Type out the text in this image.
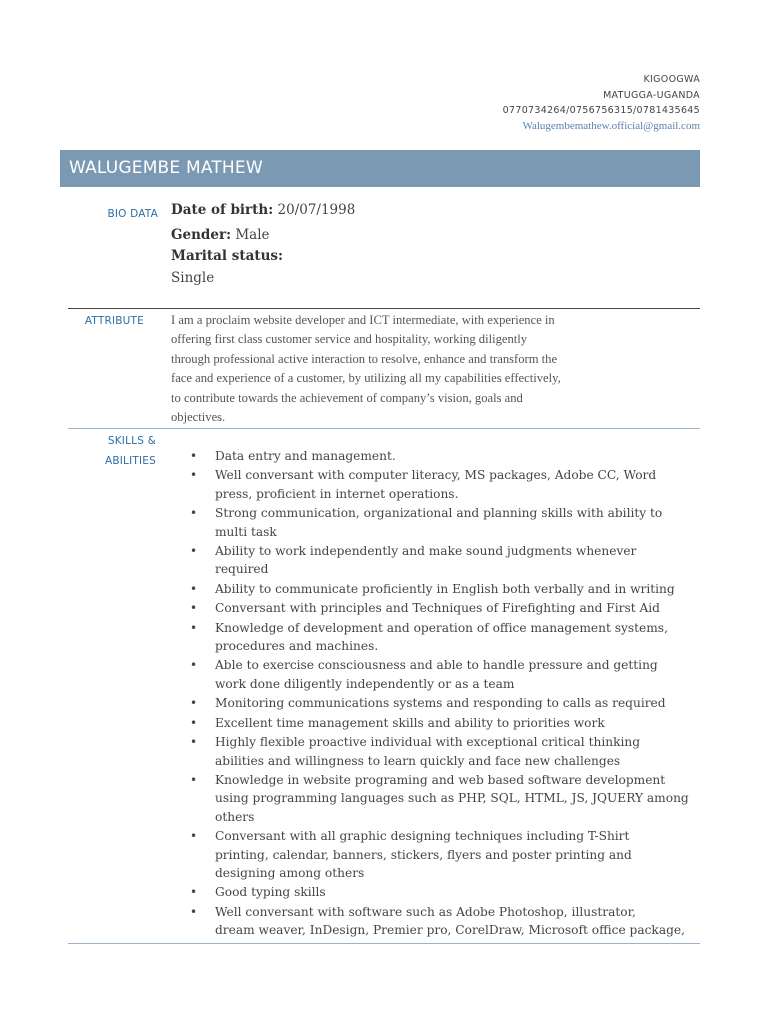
KIGOOGWA
MATUGGA-UGANDA
0770734264/0756756315/0781435645
Walugembemathew.official@gmail.com
WALUGEMBE MATHEW
BIO DATA Date of birth: 20/07/1998
Gender: Male
Marital status:
Single
ATTRIBUTE I am a proclaim website developer and ICT intermediate, with experience in
offering first class customer service and hospitality, working diligently
through professional active interaction to resolve, enhance and transform the
face and experience of a customer, by utilizing all my capabilities effectively,
to contribute towards the achievement of company’s vision, goals and
objectives.
SKILLS &
ABILITIES	• Data entry and management.
• Well conversant with computer literacy, MS packages, Adobe CC, Word
press, proficient in internet operations.
• Strong communication, organizational and planning skills with ability to
multi task
• Ability to work independently and make sound judgments whenever
required
• Ability to communicate proficiently in English both verbally and in writing
• Conversant with principles and Techniques of Firefighting and First Aid
• Knowledge of development and operation of office management systems,
procedures and machines.
• Able to exercise consciousness and able to handle pressure and getting
work done diligently independently or as a team
• Monitoring communications systems and responding to calls as required
• Excellent time management skills and ability to priorities work
• Highly flexible proactive individual with exceptional critical thinking
abilities and willingness to learn quickly and face new challenges
• Knowledge in website programing and web based software development
using programming languages such as PHP, SQL, HTML, JS, JQUERY among
others
• Conversant with all graphic designing techniques including T-Shirt
printing, calendar, banners, stickers, flyers and poster printing and
designing among others
• Good typing skills
• Well conversant with software such as Adobe Photoshop, illustrator,
dream weaver, InDesign, Premier pro, CorelDraw, Microsoft office package,
